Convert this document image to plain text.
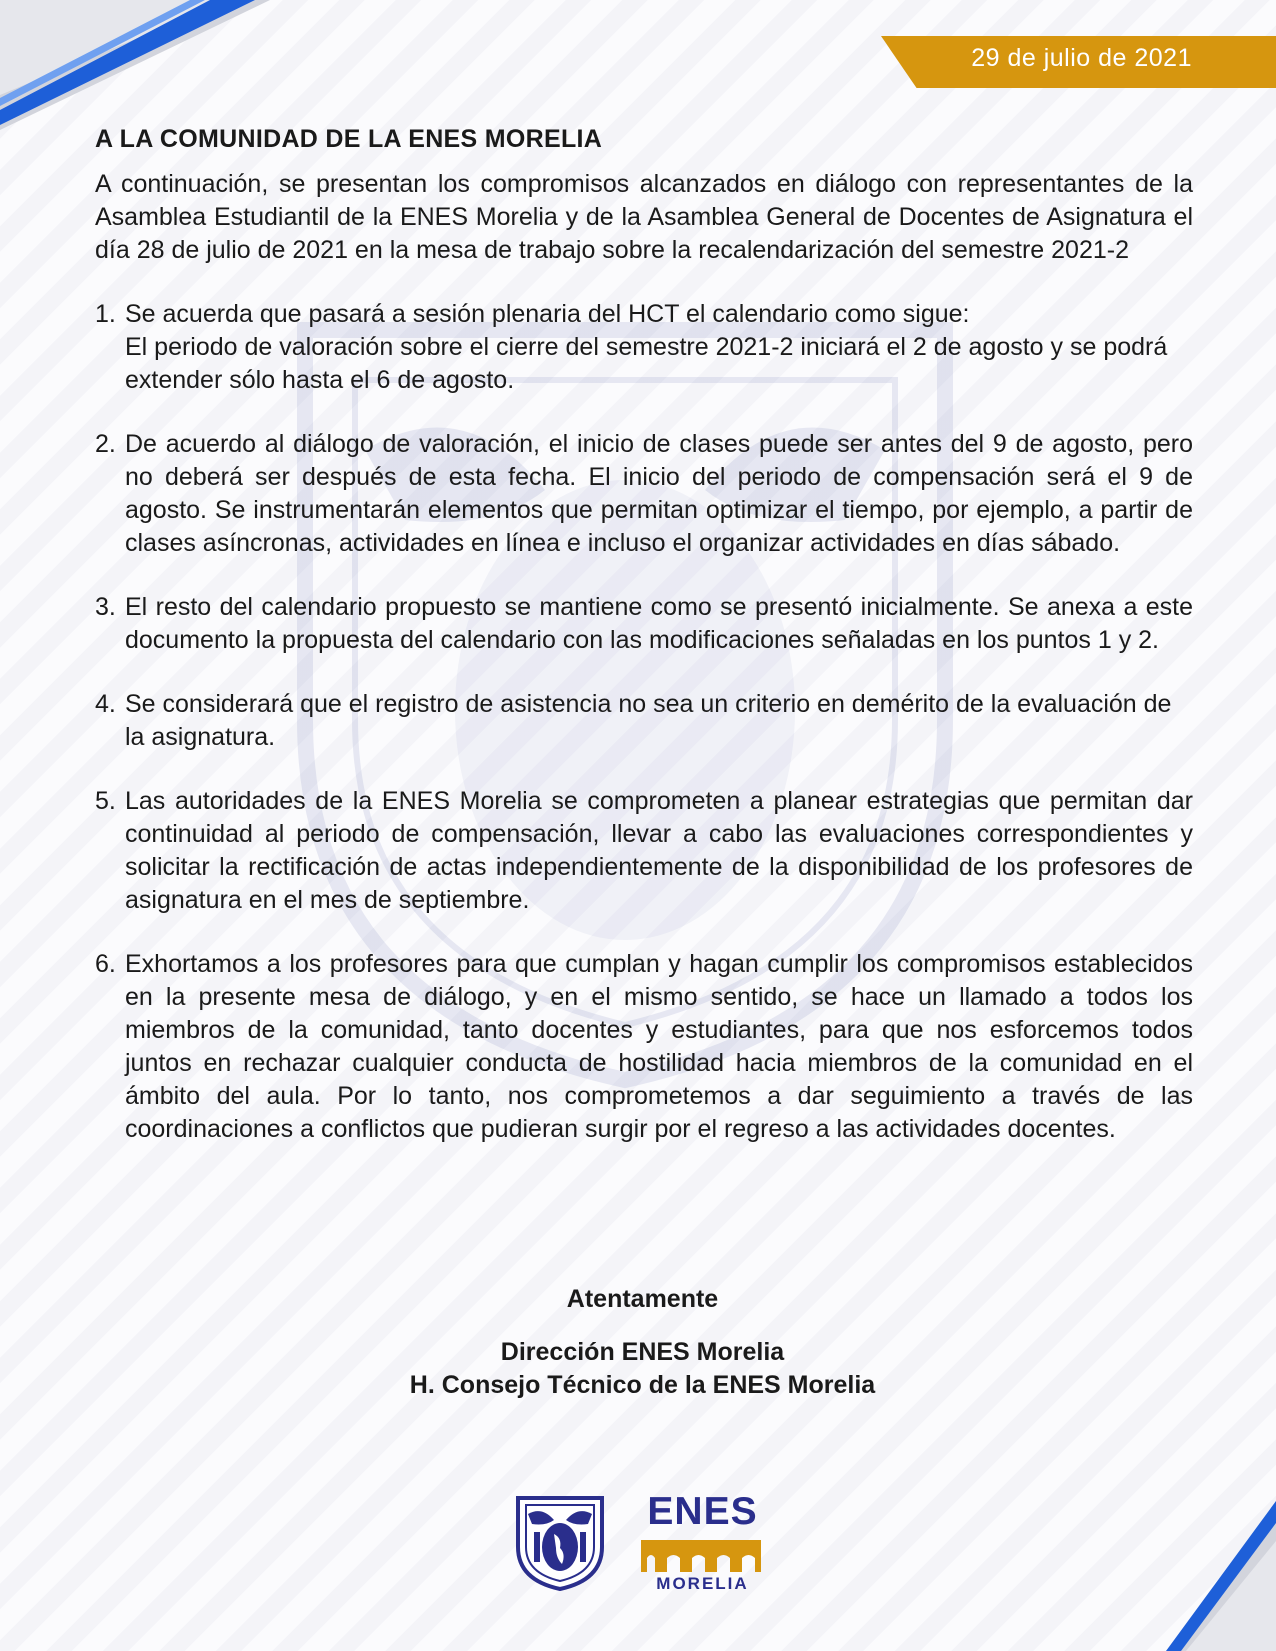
29 de julio de 2021
A LA COMUNIDAD DE LA ENES MORELIA
A continuación, se presentan los compromisos alcanzados en diálogo con representantes de la Asamblea Estudiantil de la ENES Morelia y de la Asamblea General de Docentes de Asignatura el día 28 de julio de 2021 en la mesa de trabajo sobre la recalendarización del semestre 2021-2
1. Se acuerda que pasará a sesión plenaria del HCT el calendario como sigue:
El periodo de valoración sobre el cierre del semestre 2021-2 iniciará el 2 de agosto y se podrá extender sólo hasta el 6 de agosto.
2. De acuerdo al diálogo de valoración, el inicio de clases puede ser antes del 9 de agosto, pero no deberá ser después de esta fecha. El inicio del periodo de compensación será el 9 de agosto. Se instrumentarán elementos que permitan optimizar el tiempo, por ejemplo, a partir de clases asíncronas, actividades en línea e incluso el organizar actividades en días sábado.
3. El resto del calendario propuesto se mantiene como se presentó inicialmente. Se anexa a este documento la propuesta del calendario con las modificaciones señaladas en los puntos 1 y 2.
4. Se considerará que el registro de asistencia no sea un criterio en demérito de la evaluación de la asignatura.
5. Las autoridades de la ENES Morelia se comprometen a planear estrategias que permitan dar continuidad al periodo de compensación, llevar a cabo las evaluaciones correspondientes y solicitar la rectificación de actas independientemente de la disponibilidad de los profesores de asignatura en el mes de septiembre.
6. Exhortamos a los profesores para que cumplan y hagan cumplir los compromisos establecidos en la presente mesa de diálogo, y en el mismo sentido, se hace un llamado a todos los miembros de la comunidad, tanto docentes y estudiantes, para que nos esforcemos todos juntos en rechazar cualquier conducta de hostilidad hacia miembros de la comunidad en el ámbito del aula. Por lo tanto, nos comprometemos a dar seguimiento a través de las coordinaciones a conflictos que pudieran surgir por el regreso a las actividades docentes.
Atentamente
Dirección ENES Morelia
H. Consejo Técnico de la ENES Morelia
ENES
MORELIA
